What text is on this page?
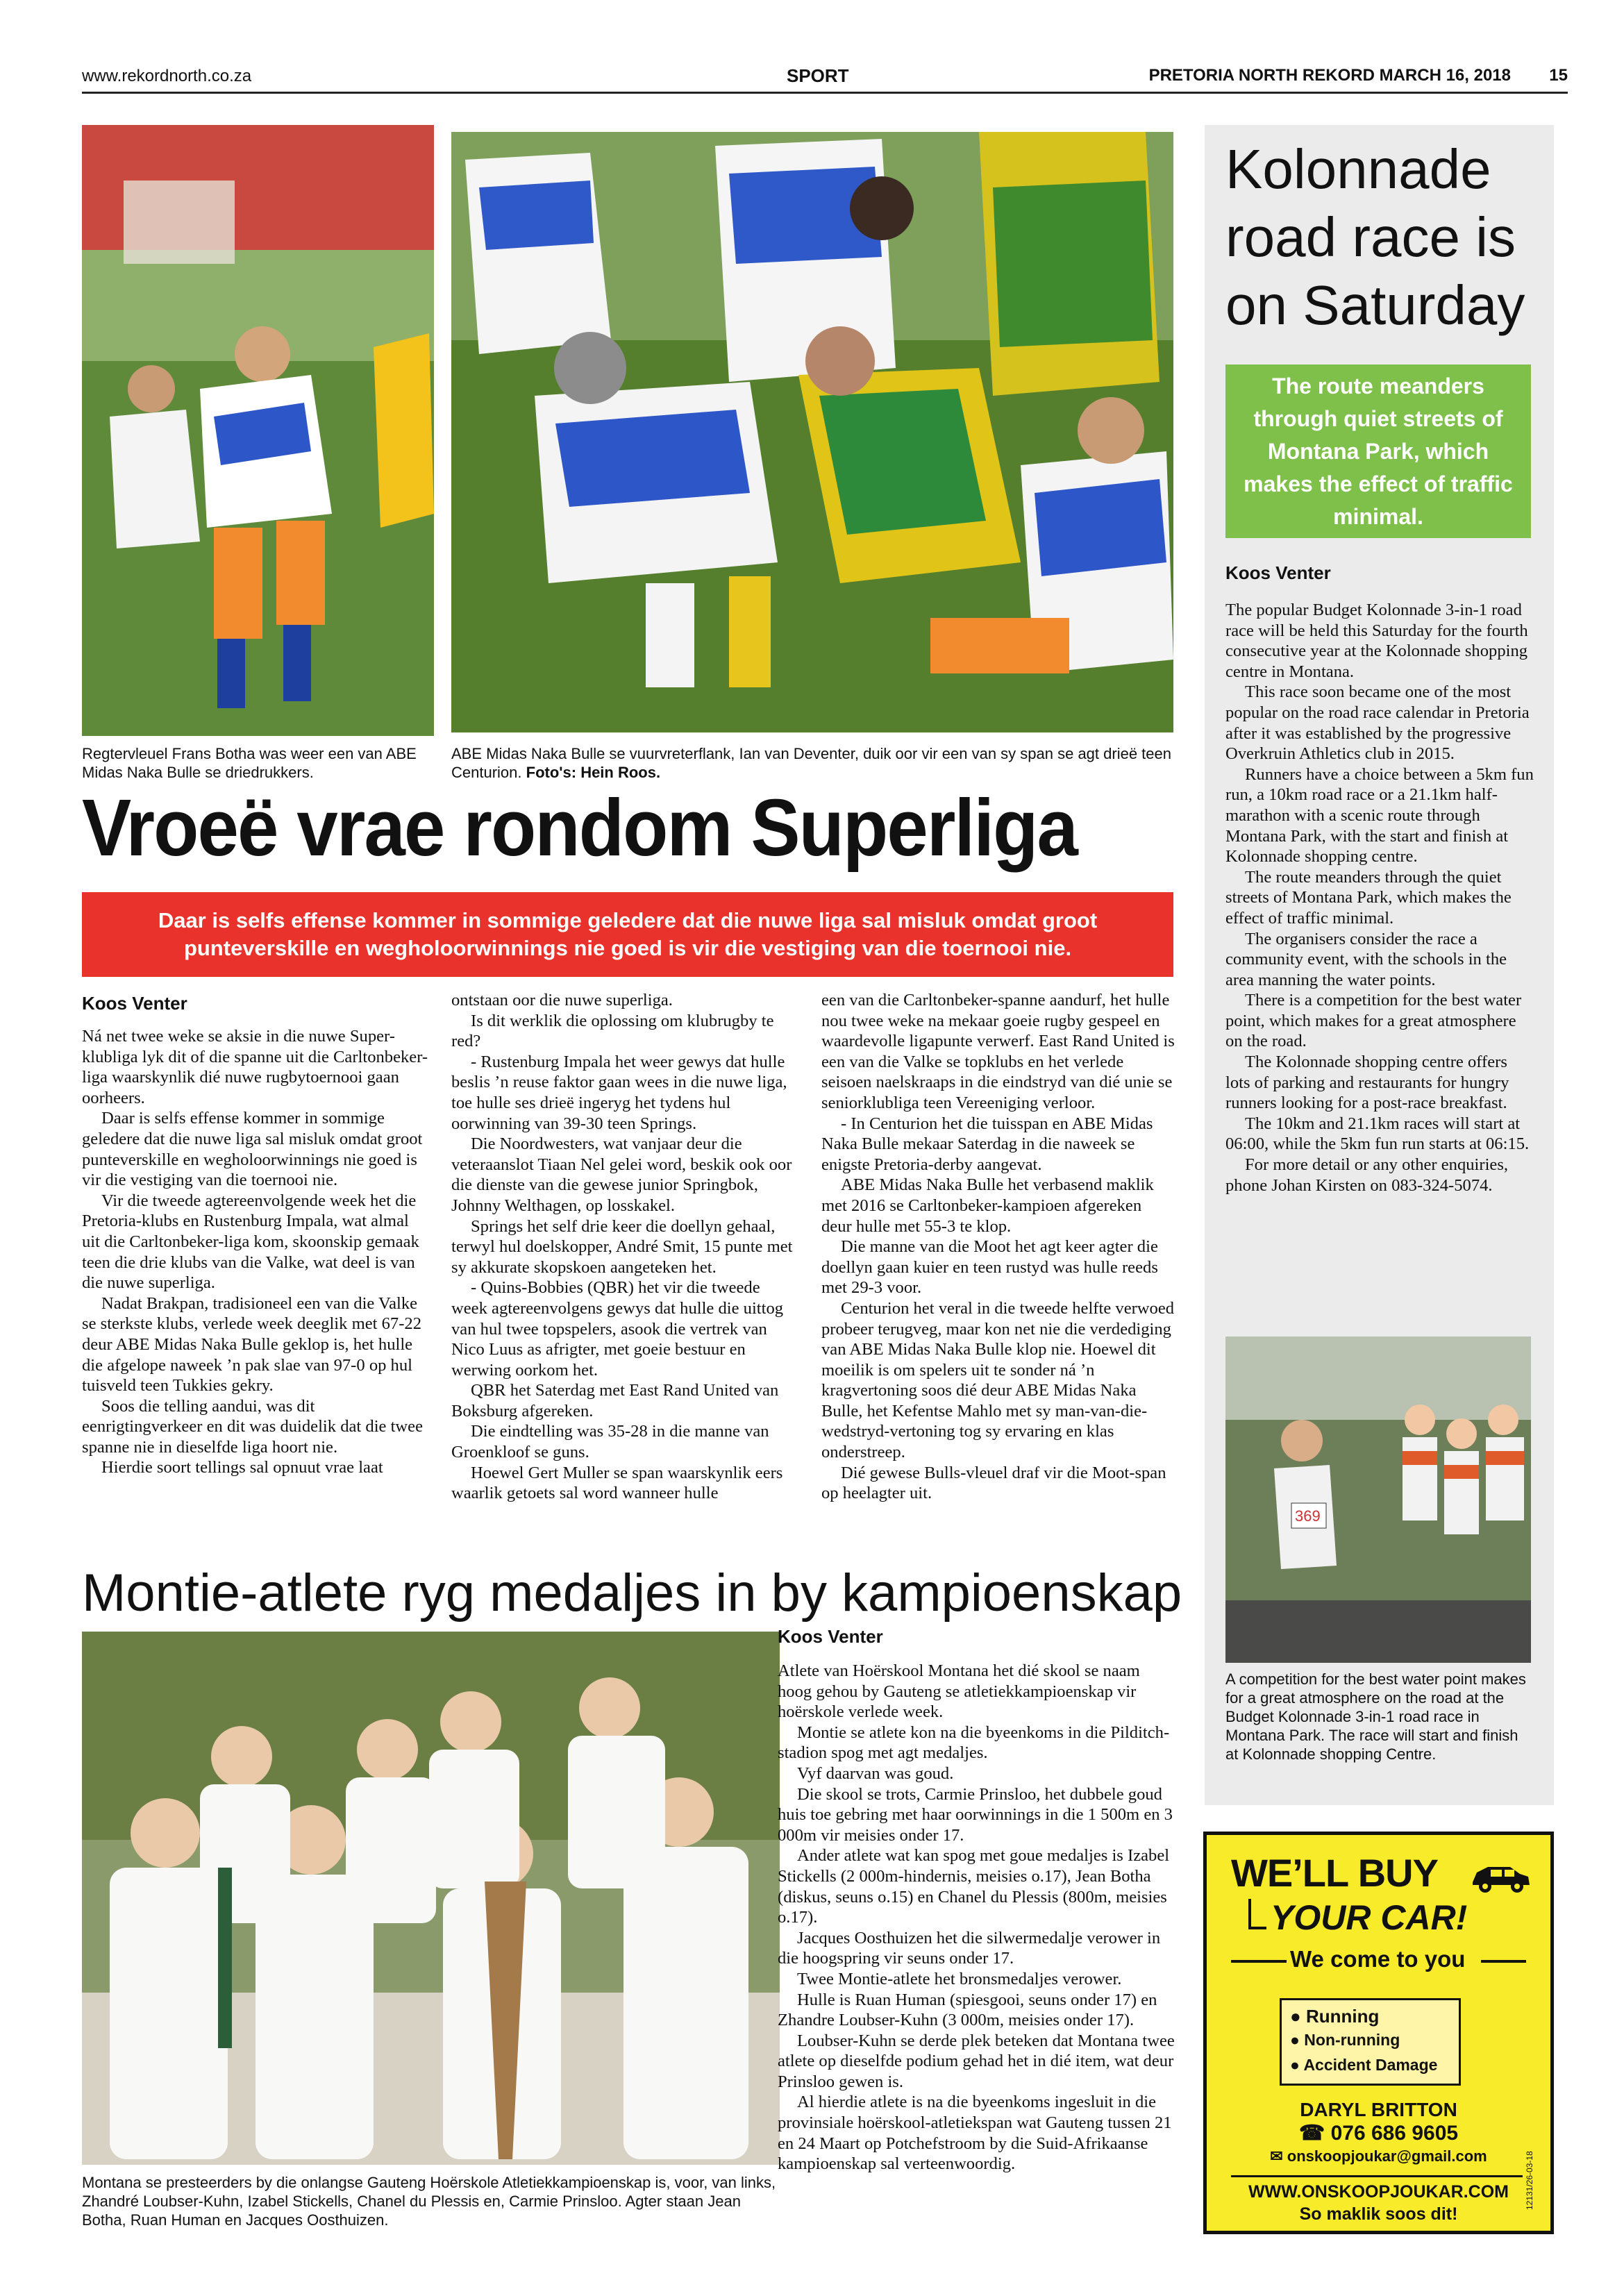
www.rekordnorth.co.za	SPORT	PRETORIA NORTH REKORD MARCH 16, 2018 15
Regtervleuel Frans Botha was weer een van ABE Midas Naka Bulle se driedrukkers.
ABE Midas Naka Bulle se vuurvreterflank, Ian van Deventer, duik oor vir een van sy span se agt drieë teen Centurion. Foto's: Hein Roos.
Vroeë vrae rondom Superliga
Daar is selfs effense kommer in sommige geledere dat die nuwe liga sal misluk omdat groot punteverskille en wegholoorwinnings nie goed is vir die vestiging van die toernooi nie.
Koos Venter

Ná net twee weke se aksie in die nuwe Super-klubliga lyk dit of die spanne uit die Carltonbeker-liga waarskynlik dié nuwe rugbytoernooi gaan oorheers.

Daar is selfs effense kommer in sommige geledere dat die nuwe liga sal misluk omdat groot punteverskille en wegholoorwinnings nie goed is vir die vestiging van die toernooi nie.

Vir die tweede agtereenvolgende week het die Pretoria-klubs en Rustenburg Impala, wat almal uit die Carltonbeker-liga kom, skoonskip gemaak teen die drie klubs van die Valke, wat deel is van die nuwe superliga.

Nadat Brakpan, tradisioneel een van die Valke se sterkste klubs, verlede week deeglik met 67-22 deur ABE Midas Naka Bulle geklop is, het hulle die afgelope naweek ’n pak slae van 97-0 op hul tuisveld teen Tukkies gekry.

Soos die telling aandui, was dit eenrigtingverkeer en dit was duidelik dat die twee spanne nie in dieselfde liga hoort nie.

Hierdie soort tellings sal opnuut vrae laat

ontstaan oor die nuwe superliga.

Is dit werklik die oplossing om klubrugby te red?

- Rustenburg Impala het weer gewys dat hulle beslis ’n reuse faktor gaan wees in die nuwe liga, toe hulle ses drieë ingeryg het tydens hul oorwinning van 39-30 teen Springs.

Die Noordwesters, wat vanjaar deur die veteraanslot Tiaan Nel gelei word, beskik ook oor die dienste van die gewese junior Springbok, Johnny Welthagen, op losskakel.

Springs het self drie keer die doellyn gehaal, terwyl hul doelskopper, André Smit, 15 punte met sy akkurate skopskoen aangeteken het.

- Quins-Bobbies (QBR) het vir die tweede week agtereenvolgens gewys dat hulle die uittog van hul twee topspelers, asook die vertrek van Nico Luus as afrigter, met goeie bestuur en werwing oorkom het.

QBR het Saterdag met East Rand United van Boksburg afgereken.

Die eindtelling was 35-28 in die manne van Groenkloof se guns.

Hoewel Gert Muller se span waarskynlik eers waarlik getoets sal word wanneer hulle

een van die Carltonbeker-spanne aandurf, het hulle nou twee weke na mekaar goeie rugby gespeel en waardevolle ligapunte verwerf. East Rand United is een van die Valke se topklubs en het verlede seisoen naelskraaps in die eindstryd van dié unie se seniorklubliga teen Vereeniging verloor.

- In Centurion het die tuisspan en ABE Midas Naka Bulle mekaar Saterdag in die naweek se enigste Pretoria-derby aangevat.

ABE Midas Naka Bulle het verbasend maklik met 2016 se Carltonbeker-kampioen afgereken deur hulle met 55-3 te klop.

Die manne van die Moot het agt keer agter die doellyn gaan kuier en teen rustyd was hulle reeds met 29-3 voor.

Centurion het veral in die tweede helfte verwoed probeer terugveg, maar kon net nie die verdediging van ABE Midas Naka Bulle klop nie. Hoewel dit moeilik is om spelers uit te sonder ná ’n kragvertoning soos dié deur ABE Midas Naka Bulle, het Kefentse Mahlo met sy man-van-die-wedstryd-vertoning tog sy ervaring en klas onderstreep.

Dié gewese Bulls-vleuel draf vir die Moot-span op heelagter uit.

Montie-atlete ryg medaljes in by kampioenskap
Montana se presteerders by die onlangse Gauteng Hoërskole Atletiekkampioenskap is, voor, van links, Zhandré Loubser-Kuhn, Izabel Stickells, Chanel du Plessis en, Carmie Prinsloo. Agter staan Jean Botha, Ruan Human en Jacques Oosthuizen.
Koos Venter

Atlete van Hoërskool Montana het dié skool se naam hoog gehou by Gauteng se atletiekkampioenskap vir hoërskole verlede week.

Montie se atlete kon na die byeenkoms in die Pilditch-stadion spog met agt medaljes.

Vyf daarvan was goud.

Die skool se trots, Carmie Prinsloo, het dubbele goud huis toe gebring met haar oorwinnings in die 1 500m en 3 000m vir meisies onder 17.

Ander atlete wat kan spog met goue medaljes is Izabel Stickells (2 000m-hindernis, meisies o.17), Jean Botha (diskus, seuns o.15) en Chanel du Plessis (800m, meisies o.17).

Jacques Oosthuizen het die silwermedalje verower in die hoogspring vir seuns onder 17.

Twee Montie-atlete het bronsmedaljes verower.

Hulle is Ruan Human (spiesgooi, seuns onder 17) en Zhandre Loubser-Kuhn (3 000m, meisies onder 17).

Loubser-Kuhn se derde plek beteken dat Montana twee atlete op dieselfde podium gehad het in dié item, wat deur Prinsloo gewen is.

Al hierdie atlete is na die byeenkoms ingesluit in die provinsiale hoërskool-atletiekspan wat Gauteng tussen 21 en 24 Maart op Potchefstroom by die Suid-Afrikaanse kampioenskap sal verteenwoordig.

Kolonnade road race is on Saturday
The route meanders through quiet streets of Montana Park, which makes the effect of traffic minimal.
Koos Venter

The popular Budget Kolonnade 3-in-1 road race will be held this Saturday for the fourth consecutive year at the Kolonnade shopping centre in Montana.

This race soon became one of the most popular on the road race calendar in Pretoria after it was established by the progressive Overkruin Athletics club in 2015.

Runners have a choice between a 5km fun run, a 10km road race or a 21.1km half-marathon with a scenic route through Montana Park, with the start and finish at Kolonnade shopping centre.

The route meanders through the quiet streets of Montana Park, which makes the effect of traffic minimal.

The organisers consider the race a community event, with the schools in the area manning the water points.

There is a competition for the best water point, which makes for a great atmosphere on the road.

The Kolonnade shopping centre offers lots of parking and restaurants for hungry runners looking for a post-race breakfast.

The 10km and 21.1km races will start at 06:00, while the 5km fun run starts at 06:15.

For more detail or any other enquiries, phone Johan Kirsten on 083-324-5074.

369
A competition for the best water point makes for a great atmosphere on the road at the Budget Kolonnade 3-in-1 road race in Montana Park. The race will start and finish at Kolonnade shopping Centre.
WE’LL BUY
YOUR CAR!
We come to you
● Running
● Non-running
● Accident Damage
DARYL BRITTON
☎ 076 686 9605
✉ onskoopjoukar@gmail.com
WWW.ONSKOOPJOUKAR.COM
So maklik soos dit!
12131/26-03-18
